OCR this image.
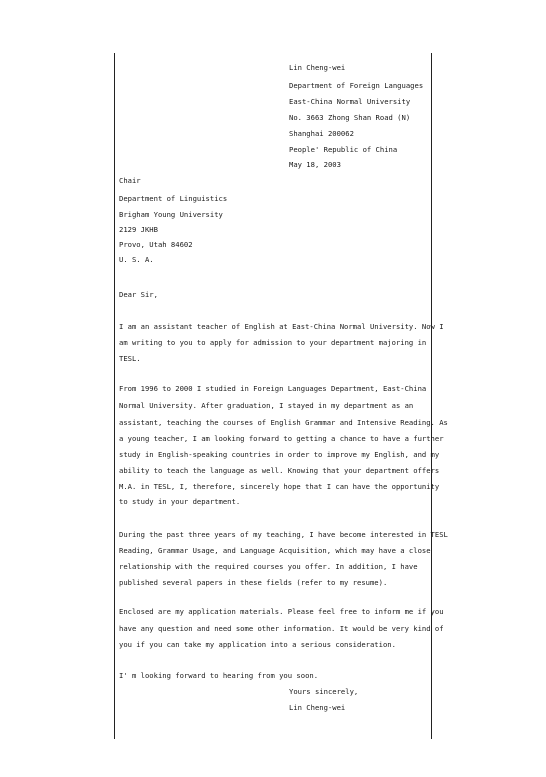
Lin Cheng-wei
Department of Foreign Languages
East-China Normal University
No. 3663 Zhong Shan Road (N)
Shanghai 200062
People' Republic of China
May 18, 2003
Chair
Department of Linguistics
Brigham Young University
2129 JKHB
Provo, Utah 84602
U. S. A.
Dear Sir,
I am an assistant teacher of English at East-China Normal University. Now I
am writing to you to apply for admission to your department majoring in
TESL.
From 1996 to 2000 I studied in Foreign Languages Department, East-China
Normal University. After graduation, I stayed in my department as an
assistant, teaching the courses of English Grammar and Intensive Reading. As
a young teacher, I am looking forward to getting a chance to have a further
study in English-speaking countries in order to improve my English, and my
ability to teach the language as well. Knowing that your department offers
M.A. in TESL, I, therefore, sincerely hope that I can have the opportunity
to study in your department.
During the past three years of my teaching, I have become interested in TESL
Reading, Grammar Usage, and Language Acquisition, which may have a close
relationship with the required courses you offer. In addition, I have
published several papers in these fields (refer to my resume).
Enclosed are my application materials. Please feel free to inform me if you
have any question and need some other information. It would be very kind of
you if you can take my application into a serious consideration.
I' m looking forward to hearing from you soon.
Yours sincerely,
Lin Cheng-wei
